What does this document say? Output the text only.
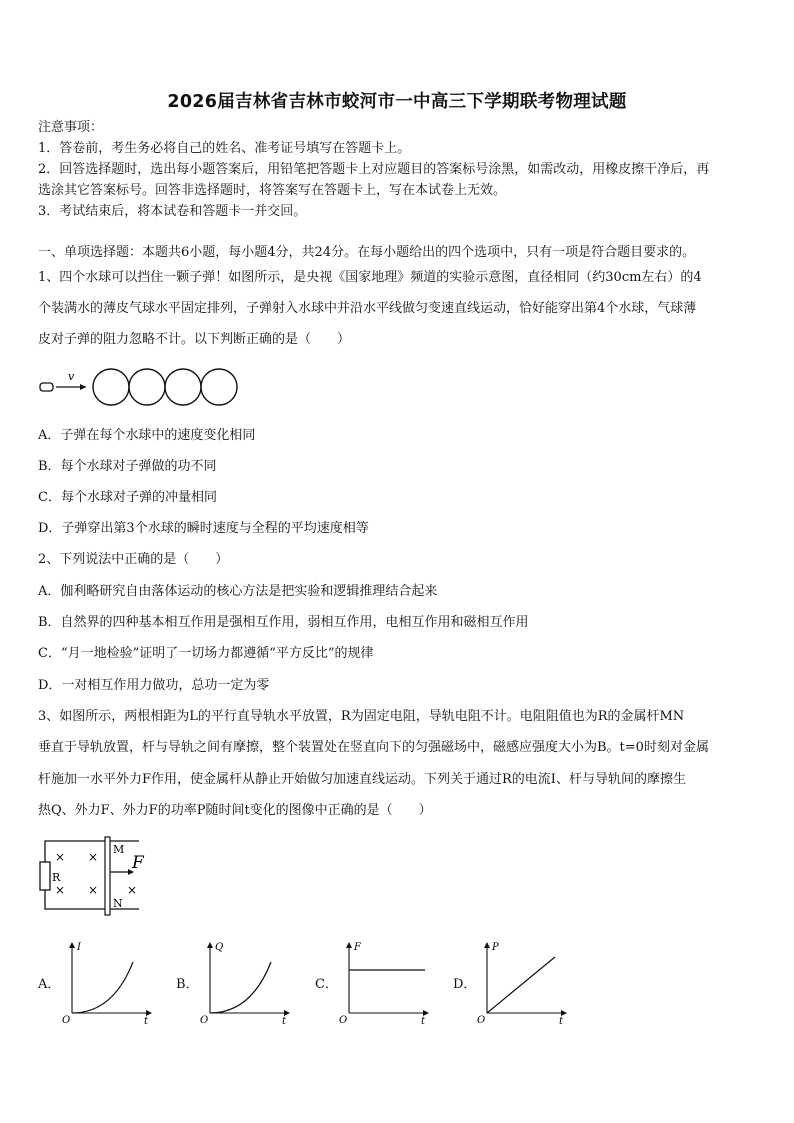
2026届吉林省吉林市蛟河市一中高三下学期联考物理试题
注意事项：
1．答卷前，考生务必将自己的姓名、准考证号填写在答题卡上。
2．回答选择题时，选出每小题答案后，用铅笔把答题卡上对应题目的答案标号涂黑，如需改动，用橡皮擦干净后，再
选涂其它答案标号。回答非选择题时，将答案写在答题卡上，写在本试卷上无效。
3．考试结束后，将本试卷和答题卡一并交回。
一、单项选择题：本题共6小题，每小题4分，共24分。在每小题给出的四个选项中，只有一项是符合题目要求的。
1、四个水球可以挡住一颗子弹！如图所示，是央视《国家地理》频道的实验示意图，直径相同（约30cm左右）的4
个装满水的薄皮气球水平固定排列，子弹射入水球中并沿水平线做匀变速直线运动，恰好能穿出第4个水球，气球薄
皮对子弹的阻力忽略不计。以下判断正确的是（　　）
v
A．子弹在每个水球中的速度变化相同
B．每个水球对子弹做的功不同
C．每个水球对子弹的冲量相同
D．子弹穿出第3个水球的瞬时速度与全程的平均速度相等
2、下列说法中正确的是（　　）
A．伽利略研究自由落体运动的核心方法是把实验和逻辑推理结合起来
B．自然界的四种基本相互作用是强相互作用，弱相互作用，电相互作用和磁相互作用
C．“月一地检验”证明了一切场力都遵循“平方反比”的规律
D．一对相互作用力做功，总功一定为零
3、如图所示，两根相距为L的平行直导轨水平放置，R为固定电阻，导轨电阻不计。电阻阻值也为R的金属杆MN
垂直于导轨放置，杆与导轨之间有摩擦，整个装置处在竖直向下的匀强磁场中，磁感应强度大小为B。t=0时刻对金属
杆施加一水平外力F作用，使金属杆从静止开始做匀加速直线运动。下列关于通过R的电流I、杆与导轨间的摩擦生
热Q、外力F、外力F的功率P随时间t变化的图像中正确的是（　　）
R
× ×
× × ×
M
N
F
A．
I
t
O
B．
Q
t
O
C．
F
t
O
D．
P
t
O
